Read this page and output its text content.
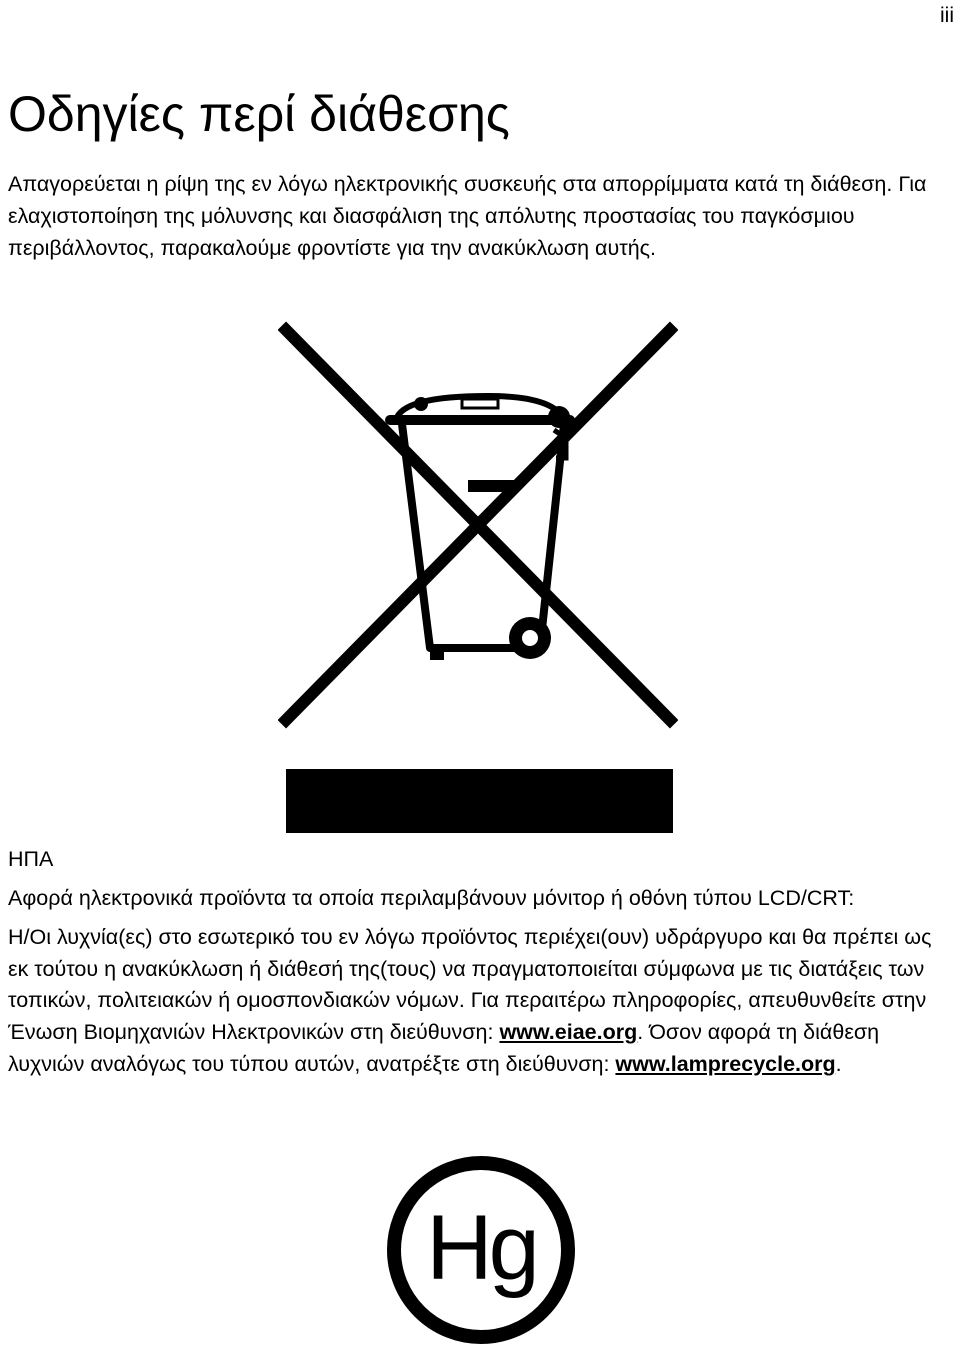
iii
Οδηγίες περί διάθεσης

Απαγορεύεται η ρίψη της εν λόγω ηλεκτρονικής συσκευής στα απορρίμματα κατά τη διάθεση. Για ελαχιστοποίηση της μόλυνσης και διασφάλιση της απόλυτης προστασίας του παγκόσμιου περιβάλλοντος, παρακαλούμε φροντίστε για την ανακύκλωση αυτής.

ΗΠΑ

Αφορά ηλεκτρονικά προϊόντα τα οποία περιλαμβάνουν μόνιτορ ή οθόνη τύπου LCD/CRT:

Η/Οι λυχνία(ες) στο εσωτερικό του εν λόγω προϊόντος περιέχει(ουν) υδράργυρο και θα πρέπει ως εκ τούτου η ανακύκλωση ή διάθεσή της(τους) να πραγματοποιείται σύμφωνα με τις διατάξεις των τοπικών, πολιτειακών ή ομοσπονδιακών νόμων. Για περαιτέρω πληροφορίες, απευθυνθείτε στην Ένωση Βιομηχανιών Ηλεκτρονικών στη διεύθυνση: www.eiae.org. Όσον αφορά τη διάθεση λυχνιών αναλόγως του τύπου αυτών, ανατρέξτε στη διεύθυνση: www.lamprecycle.org.

Hg
